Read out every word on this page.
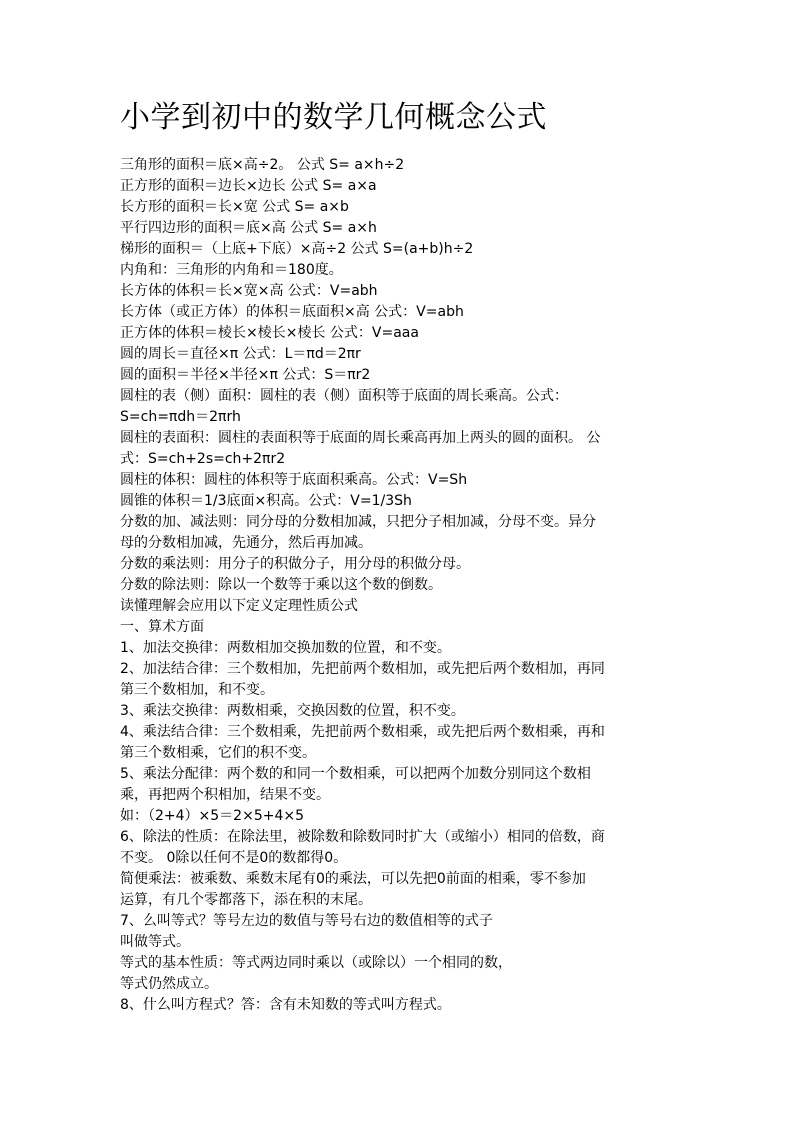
小学到初中的数学几何概念公式
三角形的面积＝底×高÷2。 公式 S= a×h÷2
正方形的面积＝边长×边长 公式 S= a×a
长方形的面积＝长×宽 公式 S= a×b
平行四边形的面积＝底×高 公式 S= a×h
梯形的面积＝（上底+下底）×高÷2 公式 S=(a+b)h÷2
内角和：三角形的内角和＝180度。
长方体的体积＝长×宽×高 公式：V=abh
长方体（或正方体）的体积＝底面积×高 公式：V=abh
正方体的体积＝棱长×棱长×棱长 公式：V=aaa
圆的周长＝直径×π 公式：L＝πd＝2πr
圆的面积＝半径×半径×π 公式：S＝πr2
圆柱的表（侧）面积：圆柱的表（侧）面积等于底面的周长乘高。公式：
S=ch=πdh＝2πrh
圆柱的表面积：圆柱的表面积等于底面的周长乘高再加上两头的圆的面积。 公
式：S=ch+2s=ch+2πr2
圆柱的体积：圆柱的体积等于底面积乘高。公式：V=Sh
圆锥的体积＝1/3底面×积高。公式：V=1/3Sh
分数的加、减法则：同分母的分数相加减，只把分子相加减，分母不变。异分
母的分数相加减，先通分，然后再加减。
分数的乘法则：用分子的积做分子，用分母的积做分母。
分数的除法则：除以一个数等于乘以这个数的倒数。
读懂理解会应用以下定义定理性质公式
一、算术方面
1、加法交换律：两数相加交换加数的位置，和不变。
2、加法结合律：三个数相加，先把前两个数相加，或先把后两个数相加，再同
第三个数相加，和不变。
3、乘法交换律：两数相乘，交换因数的位置，积不变。
4、乘法结合律：三个数相乘，先把前两个数相乘，或先把后两个数相乘，再和
第三个数相乘，它们的积不变。
5、乘法分配律：两个数的和同一个数相乘，可以把两个加数分别同这个数相
乘，再把两个积相加，结果不变。
如：（2+4）×5＝2×5+4×5
6、除法的性质：在除法里，被除数和除数同时扩大（或缩小）相同的倍数，商
不变。 0除以任何不是0的数都得0。
简便乘法：被乘数、乘数末尾有0的乘法，可以先把0前面的相乘，零不参加
运算，有几个零都落下，添在积的末尾。
7、么叫等式？等号左边的数值与等号右边的数值相等的式子
叫做等式。
等式的基本性质：等式两边同时乘以（或除以）一个相同的数，
等式仍然成立。
8、什么叫方程式？答：含有未知数的等式叫方程式。
